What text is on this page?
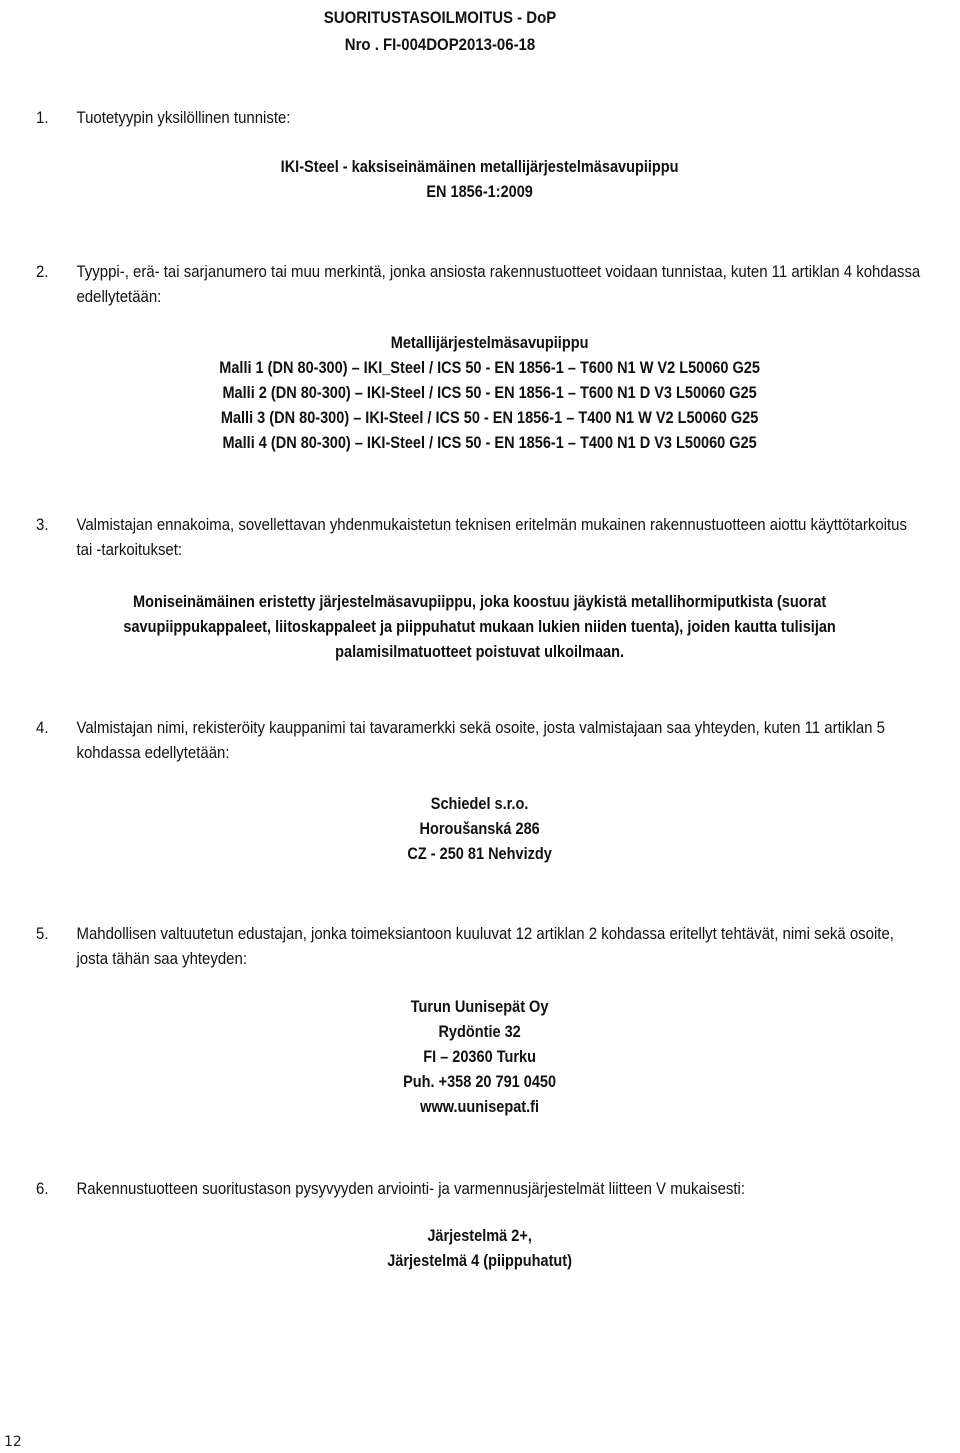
SUORITUSTASOILMOITUS - DoP
Nro . FI-004DOP2013-06-18
1. Tuotetyypin yksilöllinen tunniste:
IKI-Steel - kaksiseinämäinen metallijärjestelmäsavupiippu
EN 1856-1:2009
2. Tyyppi-, erä- tai sarjanumero tai muu merkintä, jonka ansiosta rakennustuotteet voidaan tunnistaa, kuten 11 artiklan 4 kohdassa edellytetään:
Metallijärjestelmäsavupiippu
Malli 1 (DN 80-300) – IKI_Steel / ICS 50 - EN 1856-1 – T600 N1 W V2 L50060 G25
Malli 2 (DN 80-300) – IKI-Steel / ICS 50 - EN 1856-1 – T600 N1 D V3 L50060 G25
Malli 3 (DN 80-300) – IKI-Steel / ICS 50 - EN 1856-1 – T400 N1 W V2 L50060 G25
Malli 4 (DN 80-300) – IKI-Steel / ICS 50 - EN 1856-1 – T400 N1 D V3 L50060 G25
3. Valmistajan ennakoima, sovellettavan yhdenmukaistetun teknisen eritelmän mukainen rakennustuotteen aiottu käyttötarkoitus tai -tarkoitukset:
Moniseinämäinen eristetty järjestelmäsavupiippu, joka koostuu jäykistä metallihormiputkista (suorat
savupiippukappaleet, liitoskappaleet ja piippuhatut mukaan lukien niiden tuenta), joiden kautta tulisijan
palamisilmatuotteet poistuvat ulkoilmaan.
4. Valmistajan nimi, rekisteröity kauppanimi tai tavaramerkki sekä osoite, josta valmistajaan saa yhteyden, kuten 11 artiklan 5 kohdassa edellytetään:
Schiedel s.r.o.
Horoušanská 286
CZ - 250 81 Nehvizdy
5. Mahdollisen valtuutetun edustajan, jonka toimeksiantoon kuuluvat 12 artiklan 2 kohdassa eritellyt tehtävät, nimi sekä osoite, josta tähän saa yhteyden:
Turun Uunisepät Oy
Rydöntie 32
FI – 20360 Turku
Puh. +358 20 791 0450
www.uunisepat.fi
6. Rakennustuotteen suoritustason pysyvyyden arviointi- ja varmennusjärjestelmät liitteen V mukaisesti:
Järjestelmä 2+,
Järjestelmä 4 (piippuhatut)
12
